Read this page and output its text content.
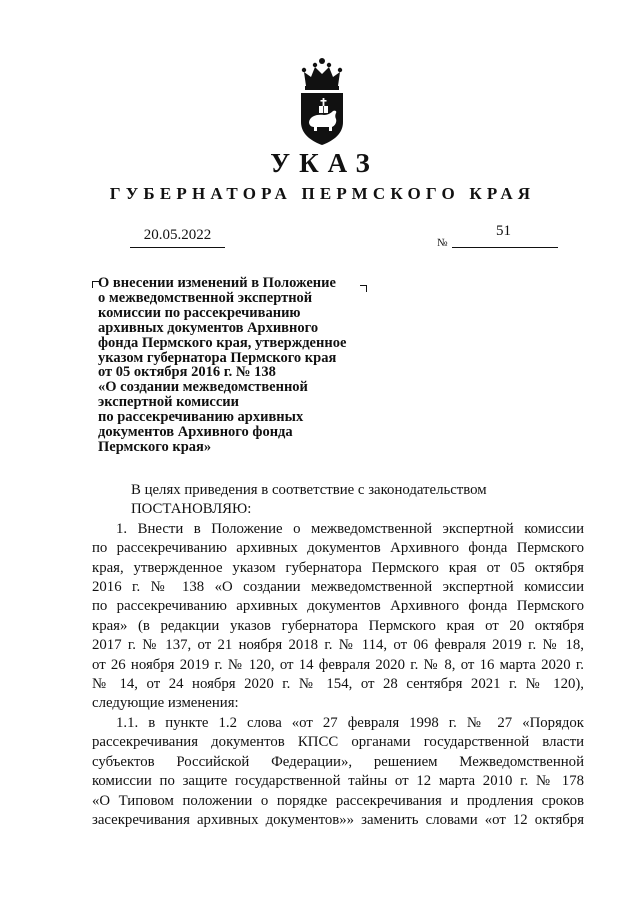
УКАЗ
ГУБЕРНАТОРА ПЕРМСКОГО КРАЯ
20.05.2022	№
51
О внесении изменений в Положение
о межведомственной экспертной
комиссии по рассекречиванию
архивных документов Архивного
фонда Пермского края, утвержденное
указом губернатора Пермского края
от 05 октября 2016 г. № 138
«О создании межведомственной
экспертной комиссии
по рассекречиванию архивных
документов Архивного фонда
Пермского края»
В целях приведения в соответствие с законодательством
ПОСТАНОВЛЯЮ:
1. Внести в Положение о межведомственной экспертной комиссии
по рассекречиванию архивных документов Архивного фонда Пермского
края, утвержденное указом губернатора Пермского края от 05 октября
2016 г. № 138 «О создании межведомственной экспертной комиссии
по рассекречиванию архивных документов Архивного фонда Пермского
края» (в редакции указов губернатора Пермского края от 20 октября
2017 г. № 137, от 21 ноября 2018 г. № 114, от 06 февраля 2019 г. № 18,
от 26 ноября 2019 г. № 120, от 14 февраля 2020 г. № 8, от 16 марта 2020 г.
№ 14, от 24 ноября 2020 г. № 154, от 28 сентября 2021 г. № 120),
следующие изменения:
1.1. в пункте 1.2 слова «от 27 февраля 1998 г. № 27 «Порядок
рассекречивания документов КПСС органами государственной власти
субъектов Российской Федерации», решением Межведомственной
комиссии по защите государственной тайны от 12 марта 2010 г. № 178
«О Типовом положении о порядке рассекречивания и продления сроков
засекречивания архивных документов»» заменить словами «от 12 октября
